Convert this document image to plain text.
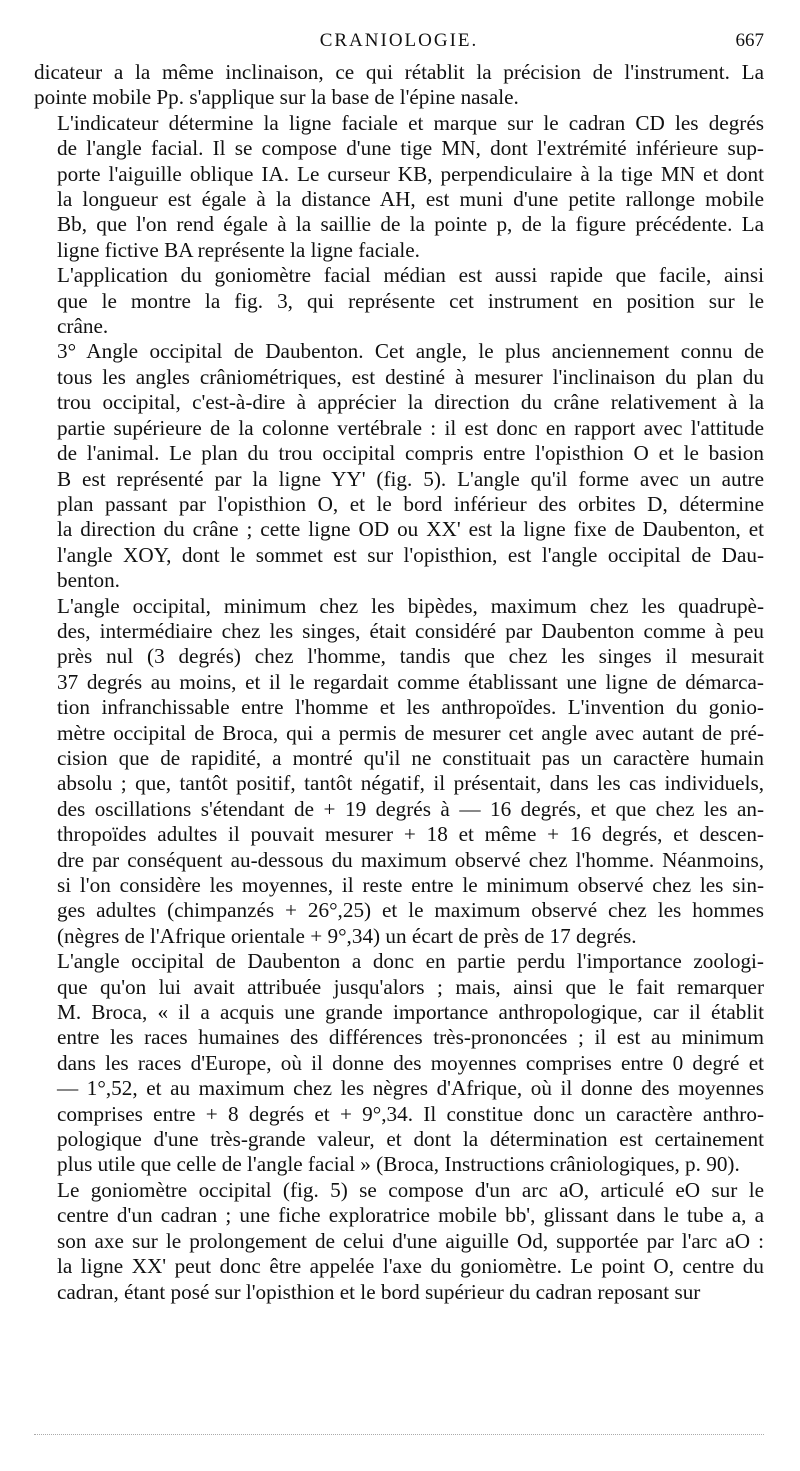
CRANIOLOGIE.	667

dicateur a la même inclinaison, ce qui rétablit la précision de l'instrument. La
pointe mobile Pp. s'applique sur la base de l'épine nasale.

L'indicateur détermine la ligne faciale et marque sur le cadran CD les degrés
de l'angle facial. Il se compose d'une tige MN, dont l'extrémité inférieure sup-
porte l'aiguille oblique IA. Le curseur KB, perpendiculaire à la tige MN et dont
la longueur est égale à la distance AH, est muni d'une petite rallonge mobile
Bb, que l'on rend égale à la saillie de la pointe p, de la figure précédente. La
ligne fictive BA représente la ligne faciale.

L'application du goniomètre facial médian est aussi rapide que facile, ainsi
que le montre la fig. 3, qui représente cet instrument en position sur le
crâne.

3° Angle occipital de Daubenton. Cet angle, le plus anciennement connu de
tous les angles crâniométriques, est destiné à mesurer l'inclinaison du plan du
trou occipital, c'est-à-dire à apprécier la direction du crâne relativement à la
partie supérieure de la colonne vertébrale : il est donc en rapport avec l'attitude
de l'animal. Le plan du trou occipital compris entre l'opisthion O et le basion
B est représenté par la ligne YY' (fig. 5). L'angle qu'il forme avec un autre
plan passant par l'opisthion O, et le bord inférieur des orbites D, détermine
la direction du crâne ; cette ligne OD ou XX' est la ligne fixe de Daubenton, et
l'angle XOY, dont le sommet est sur l'opisthion, est l'angle occipital de Dau-
benton.

L'angle occipital, minimum chez les bipèdes, maximum chez les quadrupè-
des, intermédiaire chez les singes, était considéré par Daubenton comme à peu
près nul (3 degrés) chez l'homme, tandis que chez les singes il mesurait
37 degrés au moins, et il le regardait comme établissant une ligne de démarca-
tion infranchissable entre l'homme et les anthropoïdes. L'invention du gonio-
mètre occipital de Broca, qui a permis de mesurer cet angle avec autant de pré-
cision que de rapidité, a montré qu'il ne constituait pas un caractère humain
absolu ; que, tantôt positif, tantôt négatif, il présentait, dans les cas individuels,
des oscillations s'étendant de + 19 degrés à — 16 degrés, et que chez les an-
thropoïdes adultes il pouvait mesurer + 18 et même + 16 degrés, et descen-
dre par conséquent au-dessous du maximum observé chez l'homme. Néanmoins,
si l'on considère les moyennes, il reste entre le minimum observé chez les sin-
ges adultes (chimpanzés + 26°,25) et le maximum observé chez les hommes
(nègres de l'Afrique orientale + 9°,34) un écart de près de 17 degrés.

L'angle occipital de Daubenton a donc en partie perdu l'importance zoologi-
que qu'on lui avait attribuée jusqu'alors ; mais, ainsi que le fait remarquer
M. Broca, « il a acquis une grande importance anthropologique, car il établit
entre les races humaines des différences très-prononcées ; il est au minimum
dans les races d'Europe, où il donne des moyennes comprises entre 0 degré et
— 1°,52, et au maximum chez les nègres d'Afrique, où il donne des moyennes
comprises entre + 8 degrés et + 9°,34. Il constitue donc un caractère anthro-
pologique d'une très-grande valeur, et dont la détermination est certainement
plus utile que celle de l'angle facial » (Broca, Instructions crâniologiques, p. 90).

Le goniomètre occipital (fig. 5) se compose d'un arc aO, articulé eO sur le
centre d'un cadran ; une fiche exploratrice mobile bb', glissant dans le tube a, a
son axe sur le prolongement de celui d'une aiguille Od, supportée par l'arc aO :
la ligne XX' peut donc être appelée l'axe du goniomètre. Le point O, centre du
cadran, étant posé sur l'opisthion et le bord supérieur du cadran reposant sur
